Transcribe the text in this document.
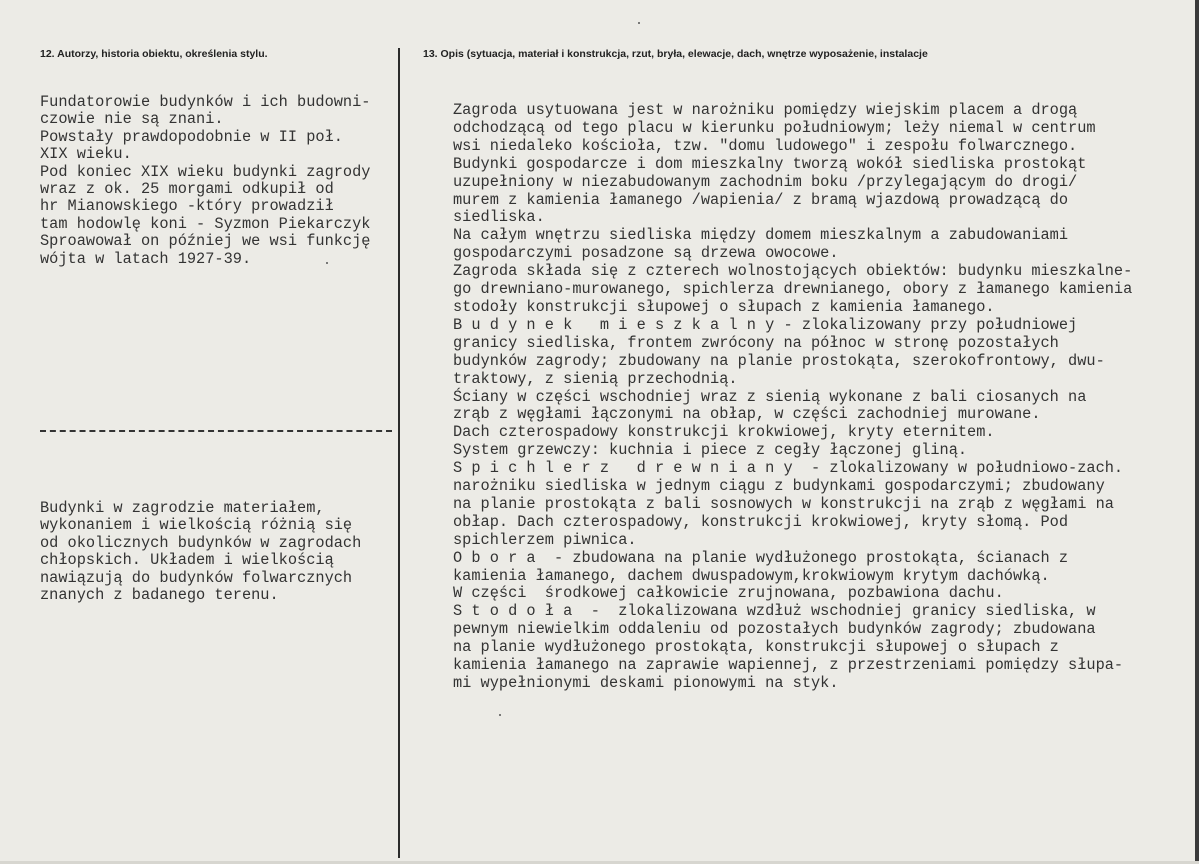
12. Autorzy, historia obiektu, określenia stylu.	13. Opis (sytuacja, materiał i konstrukcja, rzut, bryła, elewacje, dach, wnętrze wyposażenie, instalacje
Fundatorowie budynków i ich budowni-
czowie nie są znani.
Powstały prawdopodobnie w II poł.
XIX wieku.
Pod koniec XIX wieku budynki zagrody
wraz z ok. 25 morgami odkupił od
hr Mianowskiego -który prowadził
tam hodowlę koni - Syzmon Piekarczyk
Sproawował on później we wsi funkcję
wójta w latach 1927-39.
Budynki w zagrodzie materiałem,
wykonaniem i wielkością różnią się
od okolicznych budynków w zagrodach
chłopskich. Układem i wielkością
nawiązują do budynków folwarcznych
znanych z badanego terenu.
Zagroda usytuowana jest w narożniku pomiędzy wiejskim placem a drogą
odchodzącą od tego placu w kierunku południowym; leży niemal w centrum
wsi niedaleko kościoła, tzw. "domu ludowego" i zespołu folwarcznego.
Budynki gospodarcze i dom mieszkalny tworzą wokół siedliska prostokąt
uzupełniony w niezabudowanym zachodnim boku /przylegającym do drogi/
murem z kamienia łamanego /wapienia/ z bramą wjazdową prowadzącą do
siedliska.
Na całym wnętrzu siedliska między domem mieszkalnym a zabudowaniami
gospodarczymi posadzone są drzewa owocowe.
Zagroda składa się z czterech wolnostojących obiektów: budynku mieszkalne-
go drewniano-murowanego, spichlerza drewnianego, obory z łamanego kamienia
stodoły konstrukcji słupowej o słupach z kamienia łamanego.
B u d y n e k   m i e s z k a l n y - zlokalizowany przy południowej
granicy siedliska, frontem zwrócony na północ w stronę pozostałych
budynków zagrody; zbudowany na planie prostokąta, szerokofrontowy, dwu-
traktowy, z sienią przechodnią.
Ściany w części wschodniej wraz z sienią wykonane z bali ciosanych na
zrąb z węgłami łączonymi na obłap, w części zachodniej murowane.
Dach czterospadowy konstrukcji krokwiowej, kryty eternitem.
System grzewczy: kuchnia i piece z cegły łączonej gliną.
S p i c h l e r z   d r e w n i a n y  - zlokalizowany w południowo-zach.
narożniku siedliska w jednym ciągu z budynkami gospodarczymi; zbudowany
na planie prostokąta z bali sosnowych w konstrukcji na zrąb z węgłami na
obłap. Dach czterospadowy, konstrukcji krokwiowej, kryty słomą. Pod
spichlerzem piwnica.
O b o r a  - zbudowana na planie wydłużonego prostokąta, ścianach z
kamienia łamanego, dachem dwuspadowym,krokwiowym krytym dachówką.
W części  środkowej całkowicie zrujnowana, pozbawiona dachu.
S t o d o ł a  -  zlokalizowana wzdłuż wschodniej granicy siedliska, w
pewnym niewielkim oddaleniu od pozostałych budynków zagrody; zbudowana
na planie wydłużonego prostokąta, konstrukcji słupowej o słupach z
kamienia łamanego na zaprawie wapiennej, z przestrzeniami pomiędzy słupa-
mi wypełnionymi deskami pionowymi na styk.
